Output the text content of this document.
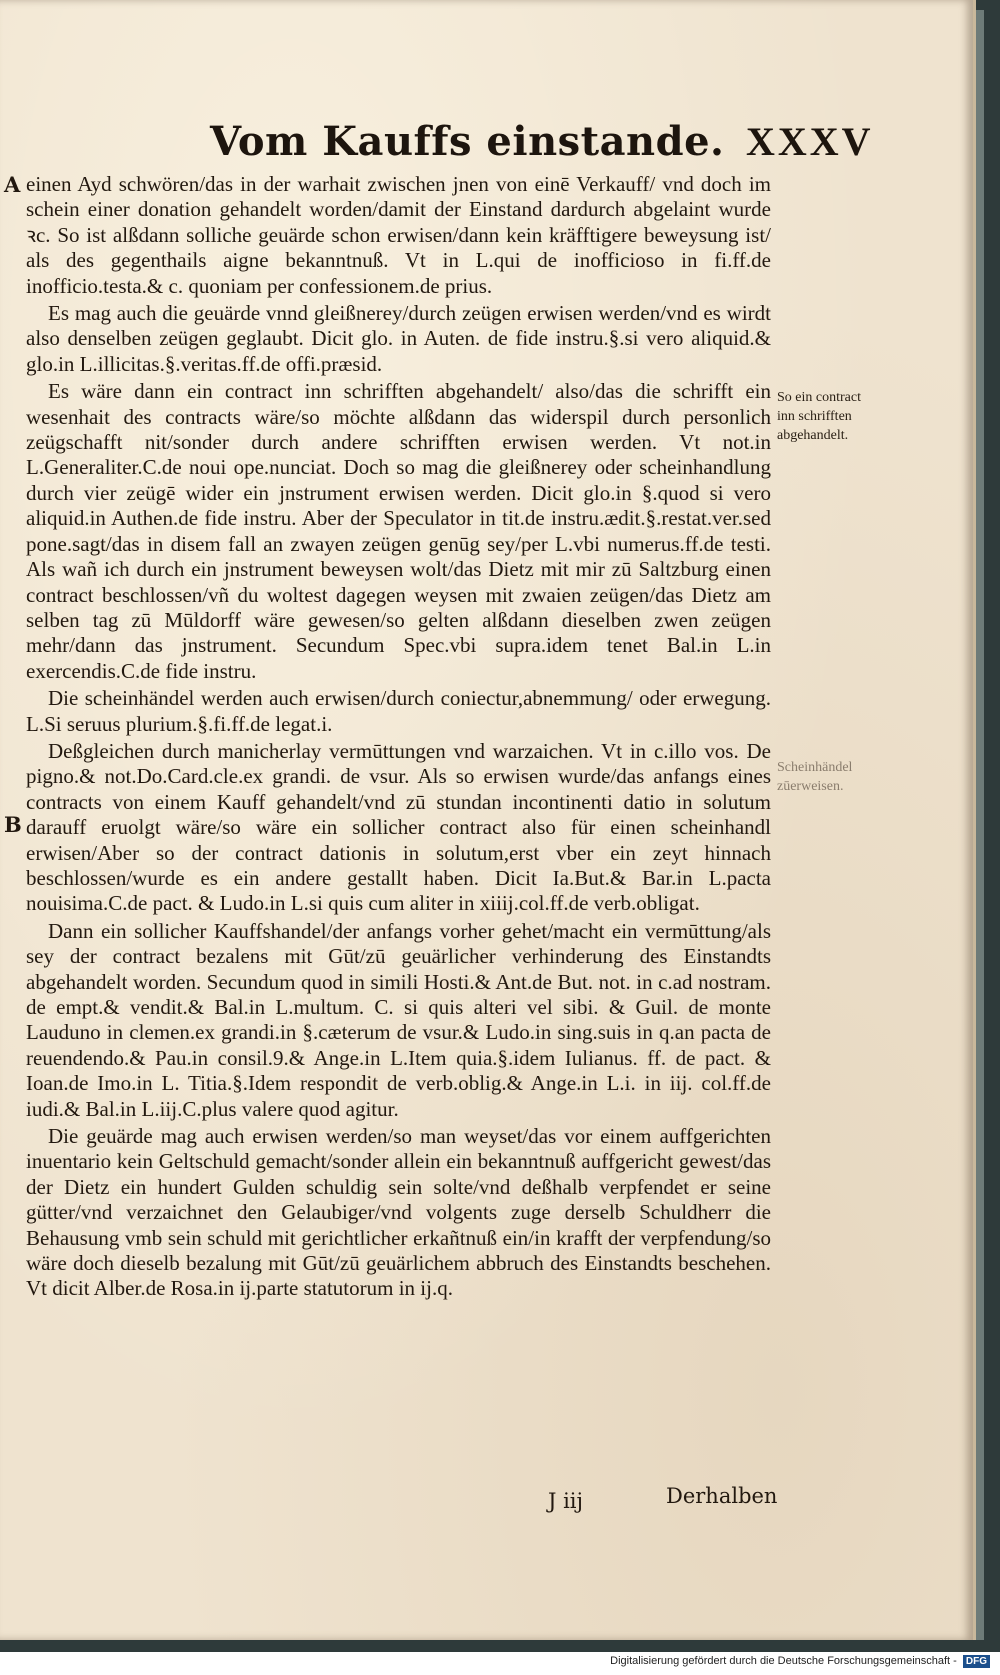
Vom Kauffs einstande. XXXV
A
B

einen Ayd schwören/das in der warhait zwischen jnen von einē Verkauff/ vnd doch im schein einer donation gehandelt worden/damit der Einstand dardurch abgelaint wurde ꝛc. So ist alßdann solliche geuärde schon erwisen/dann kein kräfftigere beweysung ist/ als des gegenthails aigne bekanntnuß. Vt in L.qui de inofficioso in fi.ff.de inofficio.testa.& c. quoniam per confessionem.de prius.

Es mag auch die geuärde vnnd gleißnerey/durch zeügen erwisen werden/vnd es wirdt also denselben zeügen geglaubt. Dicit glo. in Auten. de fide instru.§.si vero aliquid.& glo.in L.illicitas.§.veritas.ff.de offi.præsid.

Es wäre dann ein contract inn schrifften abgehandelt/ also/das die schrifft ein wesenhait des contracts wäre/so möchte alßdann das widerspil durch personlich zeügschafft nit/sonder durch andere schrifften erwisen werden. Vt not.in L.Generaliter.C.de noui ope.nunciat. Doch so mag die gleißnerey oder scheinhandlung durch vier zeügē wider ein jnstrument erwisen werden. Dicit glo.in §.quod si vero aliquid.in Authen.de fide instru. Aber der Speculator in tit.de instru.ædit.§.restat.ver.sed pone.sagt/das in disem fall an zwayen zeügen genūg sey/per L.vbi numerus.ff.de testi. Als wañ ich durch ein jnstrument beweysen wolt/das Dietz mit mir zū Saltzburg einen contract beschlossen/vñ du woltest dagegen weysen mit zwaien zeügen/das Dietz am selben tag zū Mūldorff wäre gewesen/so gelten alßdann dieselben zwen zeügen mehr/dann das jnstrument. Secundum Spec.vbi supra.idem tenet Bal.in L.in exercendis.C.de fide instru.

Die scheinhändel werden auch erwisen/durch coniectur,abnemmung/ oder erwegung. L.Si seruus plurium.§.fi.ff.de legat.i.

Deßgleichen durch manicherlay vermūttungen vnd warzaichen. Vt in c.illo vos. De pigno.& not.Do.Card.cle.ex grandi. de vsur. Als so erwisen wurde/das anfangs eines contracts von einem Kauff gehandelt/vnd zū stundan incontinenti datio in solutum darauff eruolgt wäre/so wäre ein sollicher contract also für einen scheinhandl erwisen/Aber so der contract dationis in solutum,erst vber ein zeyt hinnach beschlossen/wurde es ein andere gestallt haben. Dicit Ia.But.& Bar.in L.pacta nouisima.C.de pact. & Ludo.in L.si quis cum aliter in xiiij.col.ff.de verb.obligat.

Dann ein sollicher Kauffshandel/der anfangs vorher gehet/macht ein vermūttung/als sey der contract bezalens mit Gūt/zū geuärlicher verhinderung des Einstandts abgehandelt worden. Secundum quod in simili Hosti.& Ant.de But. not. in c.ad nostram. de empt.& vendit.& Bal.in L.multum. C. si quis alteri vel sibi. & Guil. de monte Lauduno in clemen.ex grandi.in §.cæterum de vsur.& Ludo.in sing.suis in q.an pacta de reuendendo.& Pau.in consil.9.& Ange.in L.Item quia.§.idem Iulianus. ff. de pact. & Ioan.de Imo.in L. Titia.§.Idem respondit de verb.oblig.& Ange.in L.i. in iij. col.ff.de iudi.& Bal.in L.iij.C.plus valere quod agitur.

Die geuärde mag auch erwisen werden/so man weyset/das vor einem auffgerichten inuentario kein Geltschuld gemacht/sonder allein ein bekanntnuß auffgericht gewest/das der Dietz ein hundert Gulden schuldig sein solte/vnd deßhalb verpfendet er seine gütter/vnd verzaichnet den Gelaubiger/vnd volgents zuge derselb Schuldherr die Behausung vmb sein schuld mit gerichtlicher erkañtnuß ein/in krafft der verpfendung/so wäre doch dieselb bezalung mit Gūt/zū geuärlichem abbruch des Einstandts beschehen. Vt dicit Alber.de Rosa.in ij.parte statutorum in ij.q.

So ein contract inn schrifften abgehandelt.
Scheinhändel zūerweisen.
J iij	Derhalben
Digitalisierung gefördert durch die Deutsche Forschungsgemeinschaft - DFG
